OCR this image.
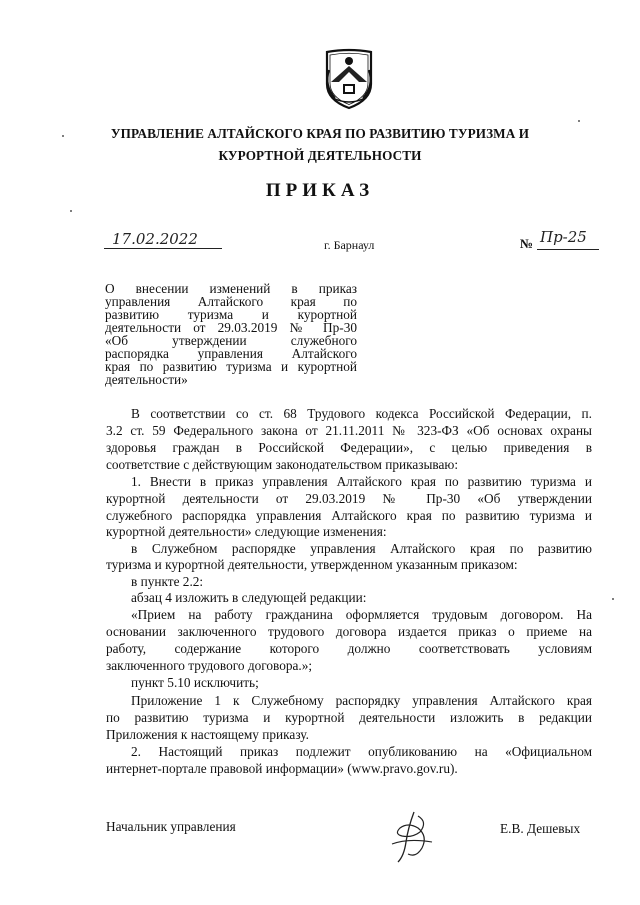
УПРАВЛЕНИЕ АЛТАЙСКОГО КРАЯ ПО РАЗВИТИЮ ТУРИЗМА И
КУРОРТНОЙ ДЕЯТЕЛЬНОСТИ
ПРИКАЗ
17.02.2022	г. Барнаул	№ Пр-25
О внесении изменений в приказ
управления Алтайского края по
развитию туризма и курортной
деятельности от 29.03.2019 № Пр-30
«Об утверждении служебного
распорядка управления Алтайского
края по развитию туризма и курортной
деятельности»
В соответствии со ст. 68 Трудового кодекса Российской Федерации, п.
3.2 ст. 59 Федерального закона от 21.11.2011 № 323-ФЗ «Об основах охраны
здоровья граждан в Российской Федерации», с целью приведения в
соответствие с действующим законодательством приказываю:
1. Внести в приказ управления Алтайского края по развитию туризма и
курортной деятельности от 29.03.2019 № Пр-30 «Об утверждении
служебного распорядка управления Алтайского края по развитию туризма и
курортной деятельности» следующие изменения:
в Служебном распорядке управления Алтайского края по развитию
туризма и курортной деятельности, утвержденном указанным приказом:
в пункте 2.2:
абзац 4 изложить в следующей редакции:
«Прием на работу гражданина оформляется трудовым договором. На
основании заключенного трудового договора издается приказ о приеме на
работу, содержание которого должно соответствовать условиям
заключенного трудового договора.»;
пункт 5.10 исключить;
Приложение 1 к Служебному распорядку управления Алтайского края
по развитию туризма и курортной деятельности изложить в редакции
Приложения к настоящему приказу.
2. Настоящий приказ подлежит опубликованию на «Официальном
интернет-портале правовой информации» (www.pravo.gov.ru).
Начальник управления	Е.В. Дешевых
